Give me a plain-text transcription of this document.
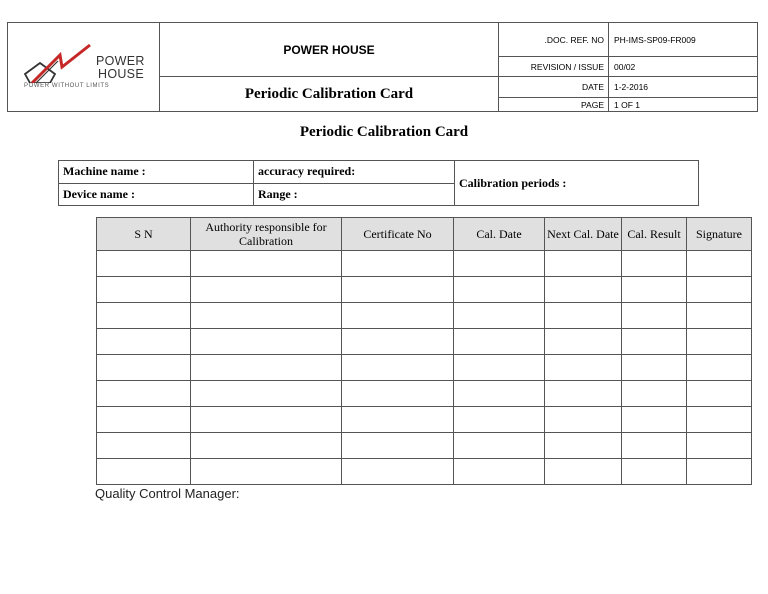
POWER
HOUSE
POWER WITHOUT LIMITS	POWER HOUSE	.DOC. REF. NO	PH-IMS-SP09-FR009
		REVISION / ISSUE	00/02
	Periodic Calibration Card	DATE	1-2-2016
		PAGE	1 OF 1
Periodic Calibration Card
Machine name :	accuracy required:	Calibration periods :
Device name :	Range :	
S N	Authority responsible for Calibration	Certificate No	Cal. Date	Next Cal. Date	Cal. Result	Signature

Quality Control Manager:
